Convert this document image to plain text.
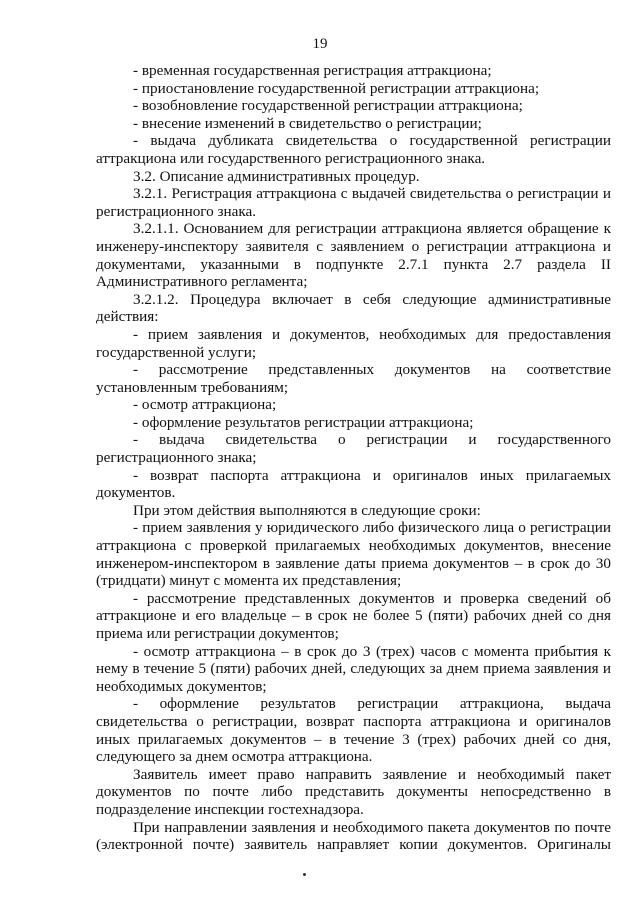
19

- временная государственная регистрация аттракциона;

- приостановление государственной регистрации аттракциона;

- возобновление государственной регистрации аттракциона;

- внесение изменений в свидетельство о регистрации;

- выдача дубликата свидетельства о государственной регистрации аттракциона или государственного регистрационного знака.

3.2. Описание административных процедур.

3.2.1. Регистрация аттракциона с выдачей свидетельства о регистрации и регистрационного знака.

3.2.1.1. Основанием для регистрации аттракциона является обращение к инженеру-инспектору заявителя с заявлением о регистрации аттракциона и документами, указанными в подпункте 2.7.1 пункта 2.7 раздела II Административного регламента;

3.2.1.2. Процедура включает в себя следующие административные действия:

- прием заявления и документов, необходимых для предоставления государственной услуги;

- рассмотрение представленных документов на соответствие установленным требованиям;

- осмотр аттракциона;

- оформление результатов регистрации аттракциона;

- выдача свидетельства о регистрации и государственного регистрационного знака;

- возврат паспорта аттракциона и оригиналов иных прилагаемых документов.

При этом действия выполняются в следующие сроки:

- прием заявления у юридического либо физического лица о регистрации аттракциона с проверкой прилагаемых необходимых документов, внесение инженером-инспектором в заявление даты приема документов – в срок до 30 (тридцати) минут с момента их представления;

- рассмотрение представленных документов и проверка сведений об аттракционе и его владельце – в срок не более 5 (пяти) рабочих дней со дня приема или регистрации документов;

- осмотр аттракциона – в срок до 3 (трех) часов с момента прибытия к нему в течение 5 (пяти) рабочих дней, следующих за днем приема заявления и необходимых документов;

- оформление результатов регистрации аттракциона, выдача свидетельства о регистрации, возврат паспорта аттракциона и оригиналов иных прилагаемых документов – в течение 3 (трех) рабочих дней со дня, следующего за днем осмотра аттракциона.

Заявитель имеет право направить заявление и необходимый пакет документов по почте либо представить документы непосредственно в подразделение инспекции гостехнадзора.

При направлении заявления и необходимого пакета документов по почте (электронной почте) заявитель направляет копии документов. Оригиналы
